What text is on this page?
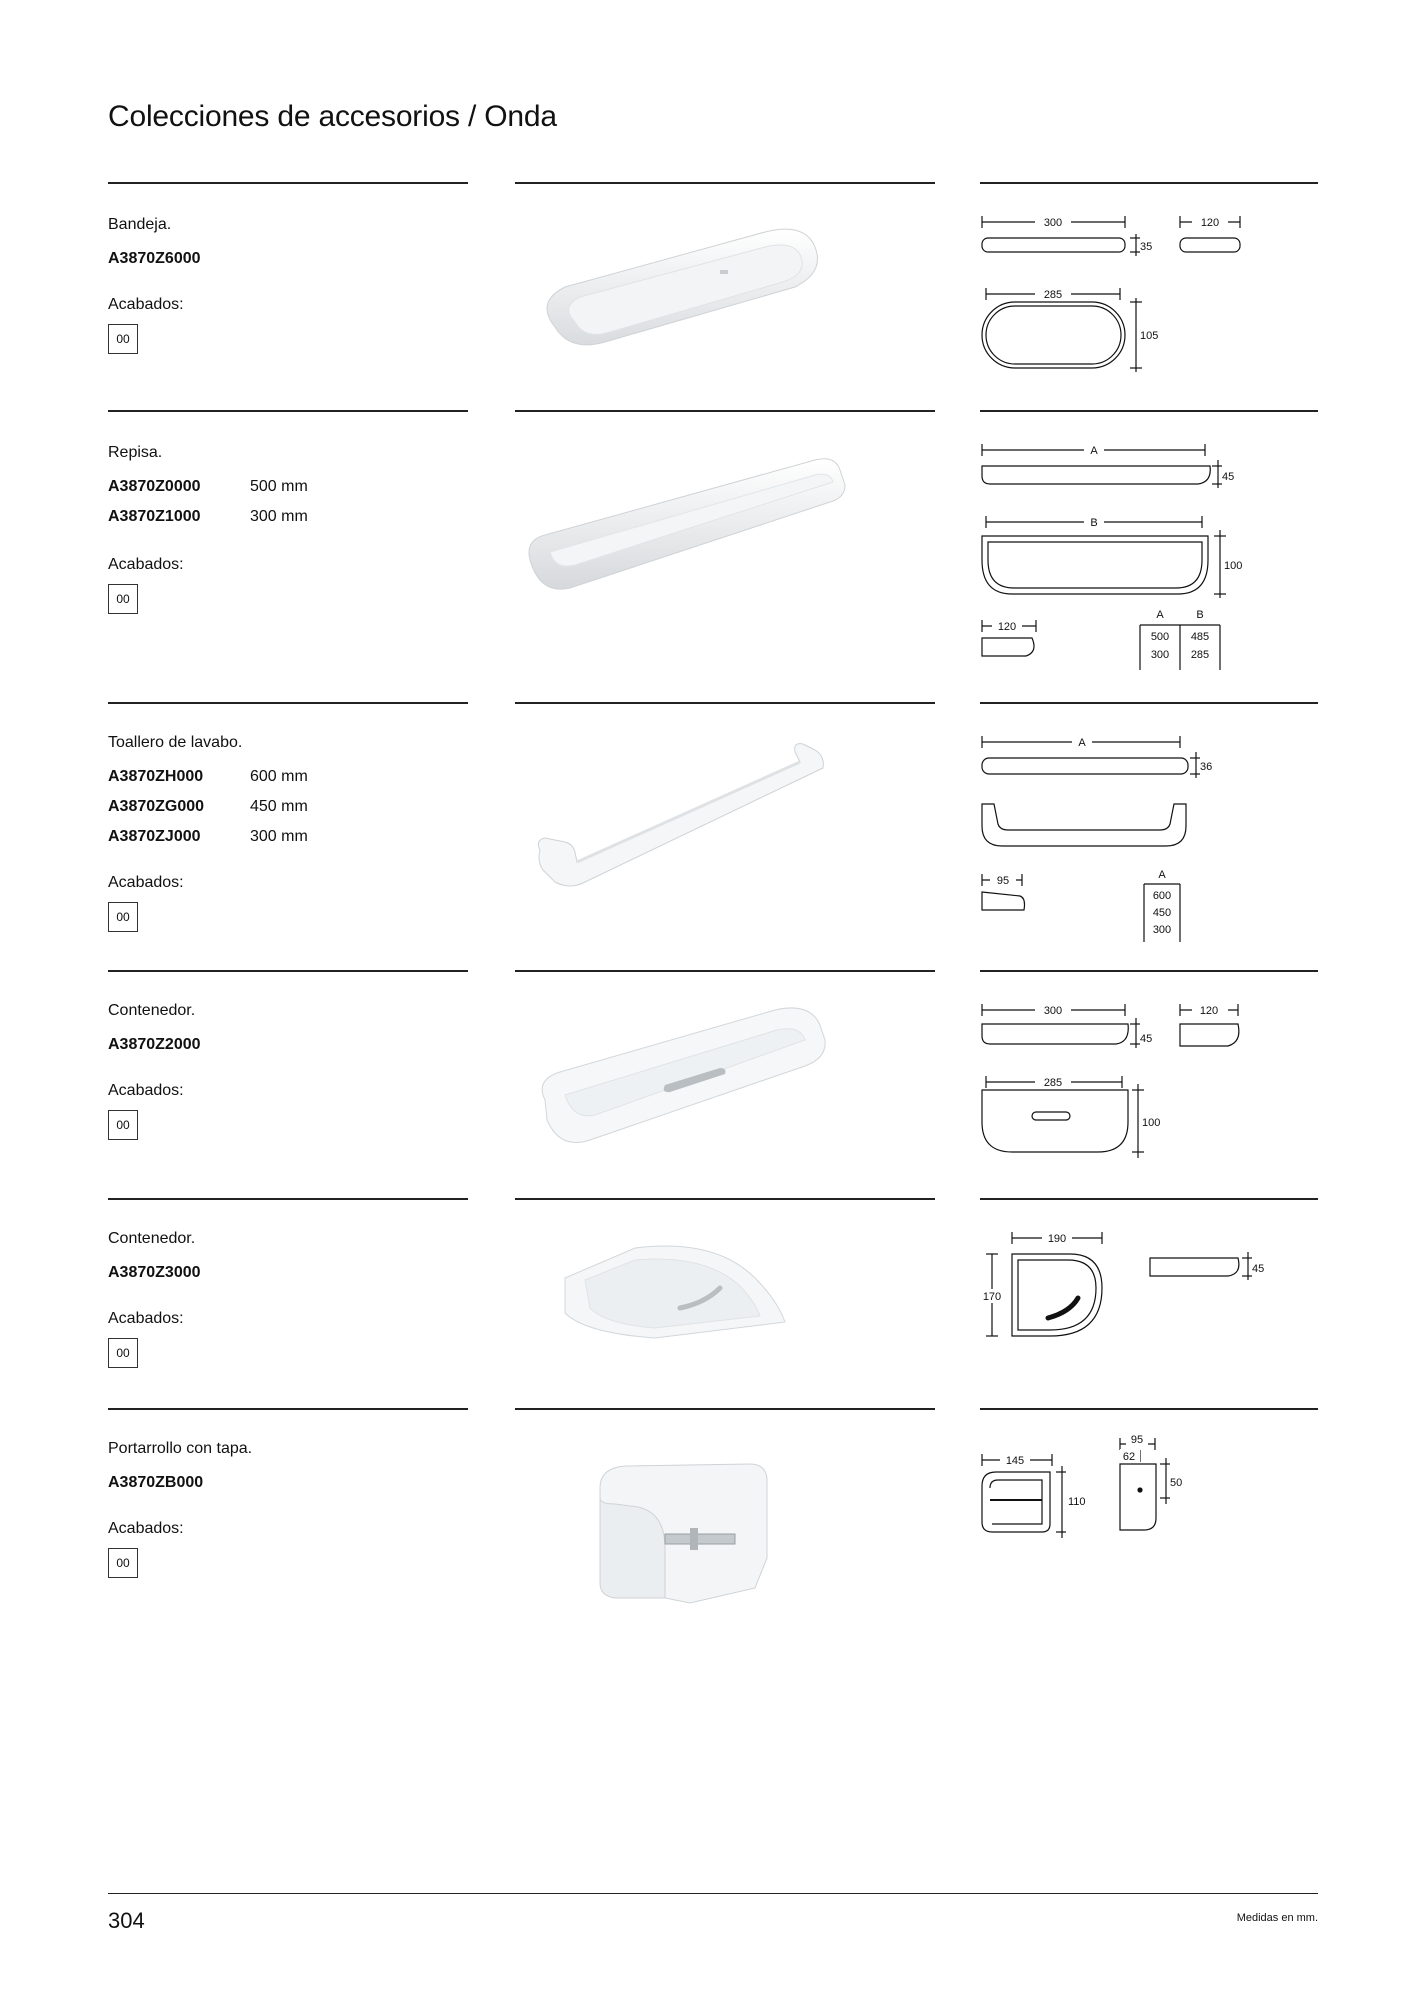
Colecciones de accesorios / Onda
Bandeja.
A3870Z6000
Acabados:
00
300	120
35
285
105
Repisa.
A3870Z0000	500 mm
A3870Z1000	300 mm
Acabados:
00
A
45
B
100
120
A	B
500 485
300 285
Toallero de lavabo.
A3870ZH000	600 mm
A3870ZG000	450 mm
A3870ZJ000	300 mm
Acabados:
00
A
36
95	A
600
450
300
Contenedor.
A3870Z2000
Acabados:
00
300	120
45
285
100
Contenedor.
A3870Z3000
Acabados:
00
190
170
45
Portarrollo con tapa.
A3870ZB000
Acabados:
00
145
110
95
62
50
304	Medidas en mm.
